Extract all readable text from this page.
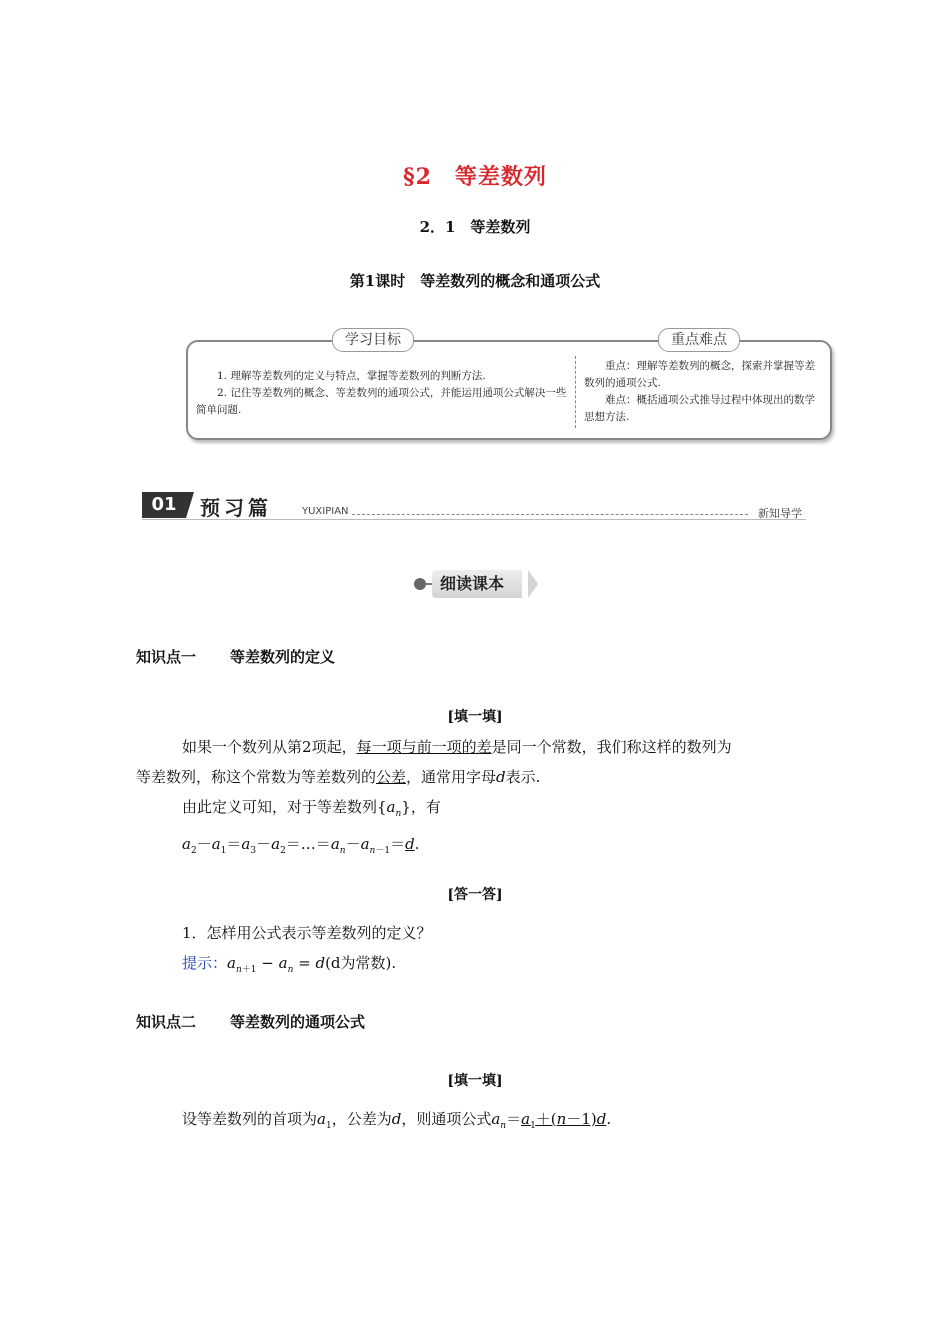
§2　等差数列
2．1　等差数列
第1课时　等差数列的概念和通项公式
学习目标	重点难点
1. 理解等差数列的定义与特点，掌握等差数列的判断方法.
2. 记住等差数列的概念、等差数列的通项公式，并能运用通项公式解决一些简单问题.
重点：理解等差数列的概念，探索并掌握等差数列的通项公式.
难点：概括通项公式推导过程中体现出的数学思想方法.
01	预习篇	YUXIPIAN	新知导学
细读课本
知识点一 等差数列的定义
[填一填]
如果一个数列从第2项起，每一项与前一项的差是同一个常数，我们称这样的数列为
等差数列，称这个常数为等差数列的公差，通常用字母d表示.
由此定义可知，对于等差数列$\{a_n\}$，有
$a_2-a_1=a_3-a_2=\dots=a_n-a_{n-1}=d$.
[答一答]
1．怎样用公式表示等差数列的定义？
提示：$a_{n+1} - a_n = d(d$为常数).
知识点二 等差数列的通项公式
[填一填]
设等差数列的首项为$a_1$，公差为d，则通项公式$a_n=a_1+(n-1)d$.
